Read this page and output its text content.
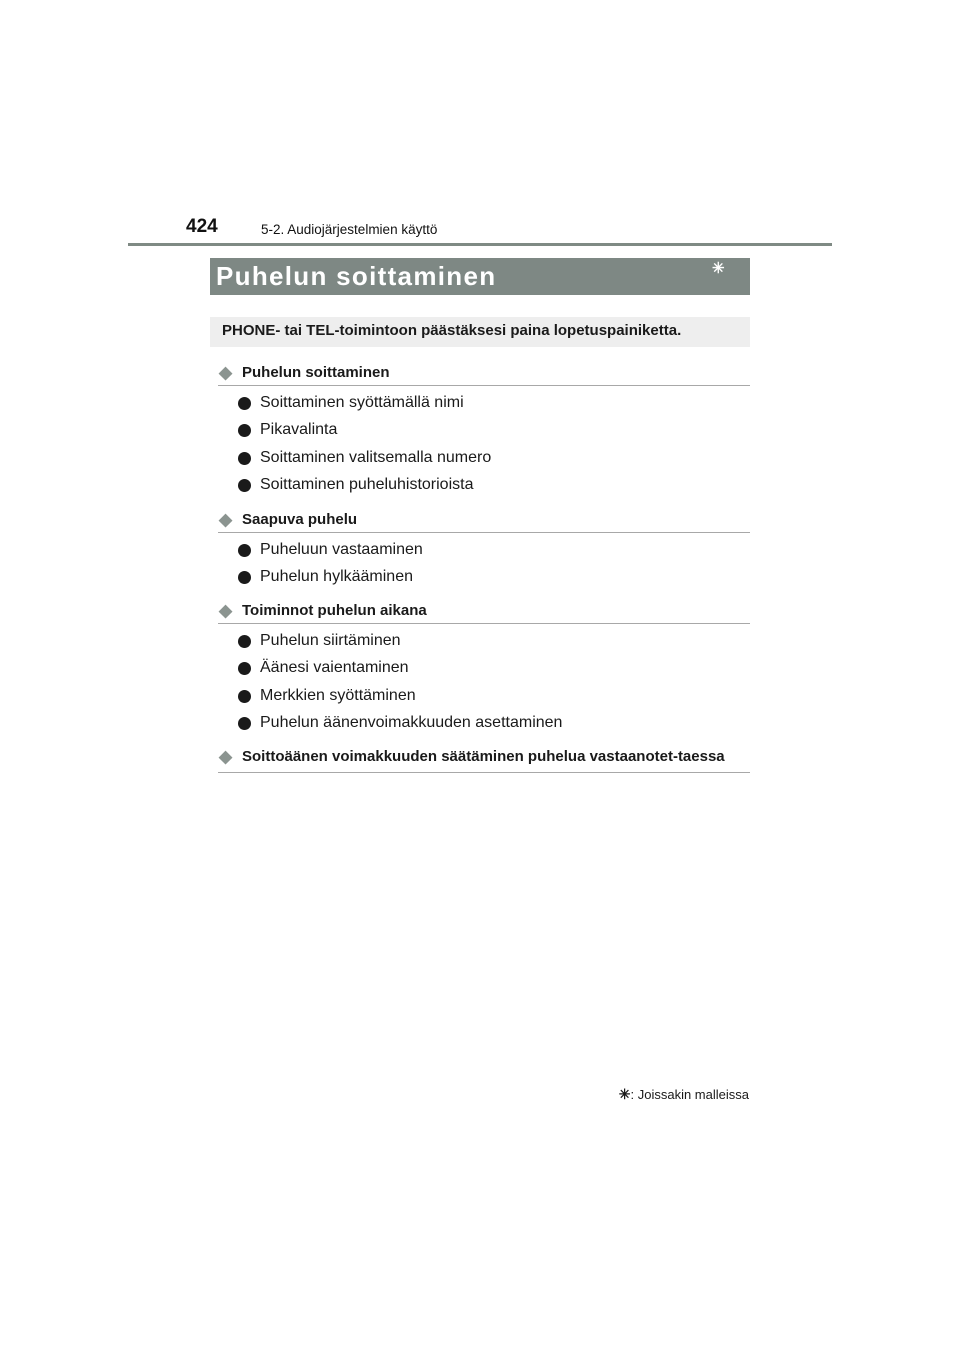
424	5-2. Audiojärjestelmien käyttö
Puhelun soittaminen	✳
PHONE- tai TEL-toimintoon päästäksesi paina lopetuspainiketta.
◆ Puhelun soittaminen
Soittaminen syöttämällä nimi
Pikavalinta
Soittaminen valitsemalla numero
Soittaminen puheluhistorioista
◆ Saapuva puhelu
Puheluun vastaaminen
Puhelun hylkääminen
◆ Toiminnot puhelun aikana
Puhelun siirtäminen
Äänesi vaientaminen
Merkkien syöttäminen
Puhelun äänenvoimakkuuden asettaminen
◆ Soittoäänen voimakkuuden säätäminen puhelua vastaanotet-taessa
✳: Joissakin malleissa
